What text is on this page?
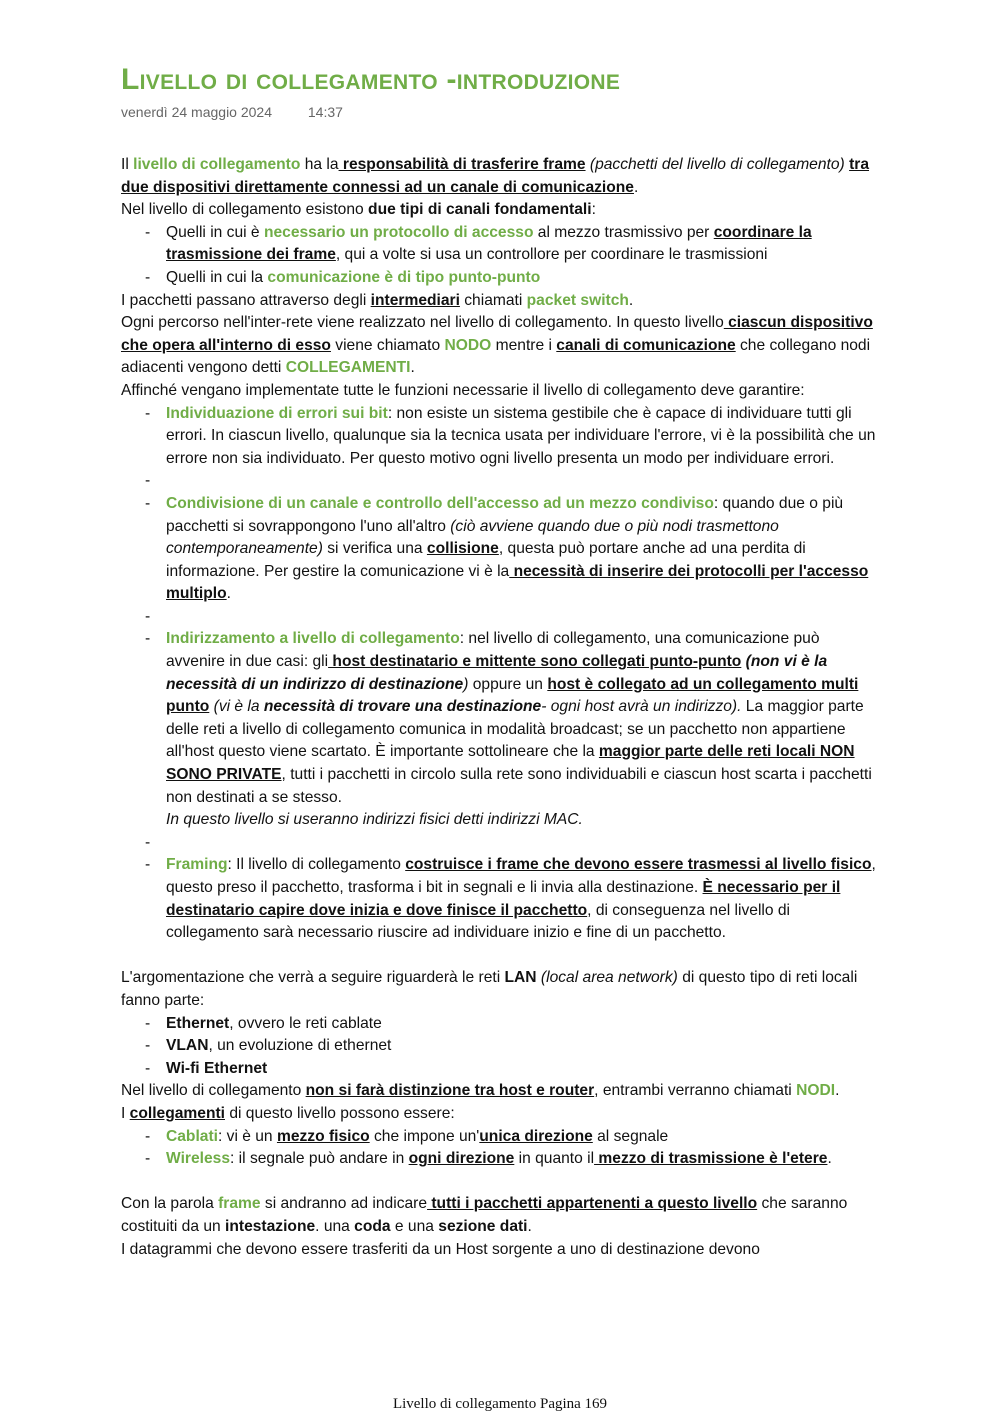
Livello di collegamento -introduzione
venerdì 24 maggio 2024	14:37

Il livello di collegamento ha la responsabilità di trasferire frame (pacchetti del livello di collegamento) tra due dispositivi direttamente connessi ad un canale di comunicazione.

Nel livello di collegamento esistono due tipi di canali fondamentali:

- Quelli in cui è necessario un protocollo di accesso al mezzo trasmissivo per coordinare la trasmissione dei frame, qui a volte si usa un controllore per coordinare le trasmissioni
- Quelli in cui la comunicazione è di tipo punto-punto

I pacchetti passano attraverso degli intermediari chiamati packet switch.

Ogni percorso nell'inter-rete viene realizzato nel livello di collegamento. In questo livello ciascun dispositivo che opera all'interno di esso viene chiamato NODO mentre i canali di comunicazione che collegano nodi adiacenti vengono detti COLLEGAMENTI.

Affinché vengano implementate tutte le funzioni necessarie il livello di collegamento deve garantire:

- Individuazione di errori sui bit: non esiste un sistema gestibile che è capace di individuare tutti gli errori. In ciascun livello, qualunque sia la tecnica usata per individuare l'errore, vi è la possibilità che un errore non sia individuato. Per questo motivo ogni livello presenta un modo per individuare errori.
-
- Condivisione di un canale e controllo dell'accesso ad un mezzo condiviso: quando due o più pacchetti si sovrappongono l'uno all'altro (ciò avviene quando due o più nodi trasmettono contemporaneamente) si verifica una collisione, questa può portare anche ad una perdita di informazione. Per gestire la comunicazione vi è la necessità di inserire dei protocolli per l'accesso multiplo.
-
- Indirizzamento a livello di collegamento: nel livello di collegamento, una comunicazione può avvenire in due casi: gli host destinatario e mittente sono collegati punto-punto (non vi è la necessità di un indirizzo di destinazione) oppure un host è collegato ad un collegamento multi punto (vi è la necessità di trovare una destinazione- ogni host avrà un indirizzo). La maggior parte delle reti a livello di collegamento comunica in modalità broadcast; se un pacchetto non appartiene all'host questo viene scartato. È importante sottolineare che la maggior parte delle reti locali NON SONO PRIVATE, tutti i pacchetti in circolo sulla rete sono individuabili e ciascun host scarta i pacchetti non destinati a se stesso.
In questo livello si useranno indirizzi fisici detti indirizzi MAC.
-
- Framing: Il livello di collegamento costruisce i frame che devono essere trasmessi al livello fisico, questo preso il pacchetto, trasforma i bit in segnali e li invia alla destinazione. È necessario per il destinatario capire dove inizia e dove finisce il pacchetto, di conseguenza nel livello di collegamento sarà necessario riuscire ad individuare inizio e fine di un pacchetto.

L'argomentazione che verrà a seguire riguarderà le reti LAN (local area network) di questo tipo di reti locali fanno parte:

- Ethernet, ovvero le reti cablate
- VLAN, un evoluzione di ethernet
- Wi-fi Ethernet

Nel livello di collegamento non si farà distinzione tra host e router, entrambi verranno chiamati NODI.

I collegamenti di questo livello possono essere:

- Cablati: vi è un mezzo fisico che impone un'unica direzione al segnale
- Wireless: il segnale può andare in ogni direzione in quanto il mezzo di trasmissione è l'etere.

Con la parola frame si andranno ad indicare tutti i pacchetti appartenenti a questo livello che saranno costituiti da un intestazione. una coda e una sezione dati.

I datagrammi che devono essere trasferiti da un Host sorgente a uno di destinazione devono

Livello di collegamento Pagina 169
